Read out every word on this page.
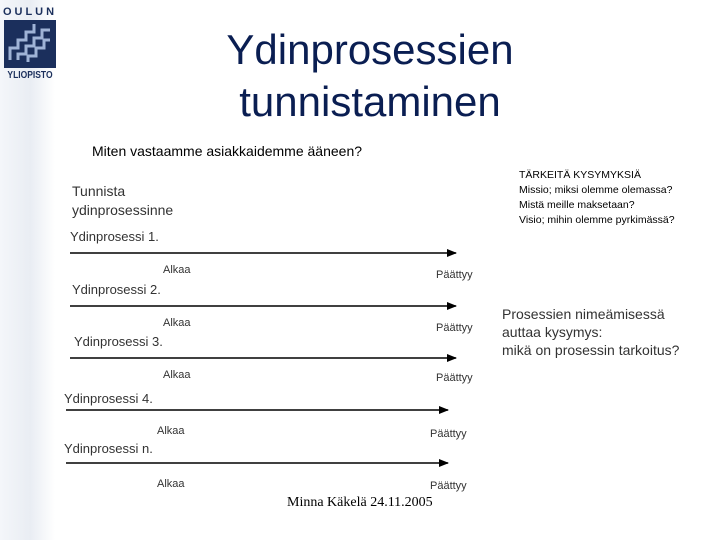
OULUN
YLIOPISTO
Ydinprosessien
tunnistaminen
Miten vastaamme asiakkaidemme ääneen?
TÄRKEITÄ KYSYMYKSIÄ
Missio; miksi olemme olemassa?
Mistä meille maksetaan?
Visio; mihin olemme pyrkimässä?
Tunnista
ydinprosessinne
Ydinprosessi 1.
Alkaa	Päättyy
Ydinprosessi 2.
Alkaa	Päättyy
Ydinprosessi 3.
Alkaa	Päättyy
Ydinprosessi 4.
Alkaa	Päättyy
Ydinprosessi n.
Alkaa	Päättyy
Prosessien nimeämisessä
auttaa kysymys:
mikä on prosessin tarkoitus?
Minna Käkelä 24.11.2005
